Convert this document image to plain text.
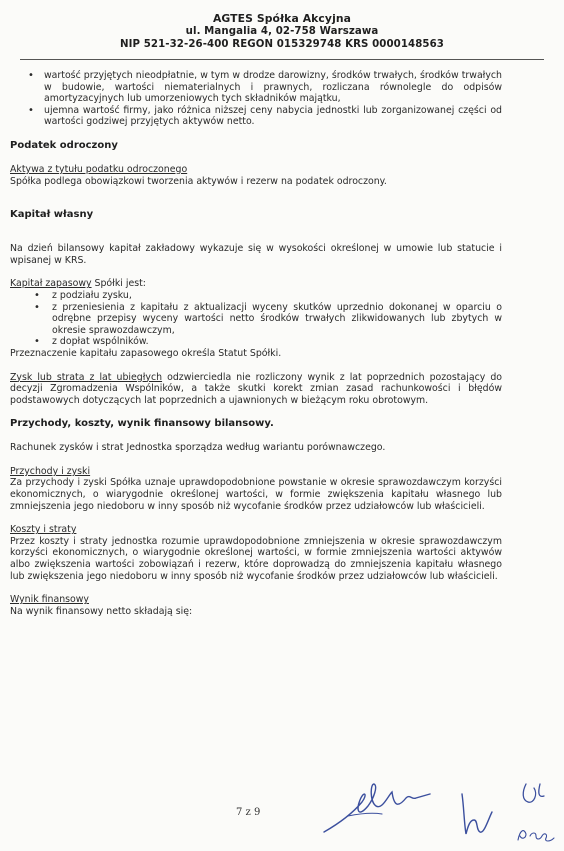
AGTES Spółka Akcyjna
ul. Mangalia 4, 02-758 Warszawa
NIP 521-32-26-400 REGON 015329748 KRS 0000148563
• wartość przyjętych nieodpłatnie, w tym w drodze darowizny, środków trwałych, środków trwałych w budowie, wartości niematerialnych i prawnych, rozliczana równolegle do odpisów amortyzacyjnych lub umorzeniowych tych składników majątku,
• ujemna wartość firmy, jako różnica niższej ceny nabycia jednostki lub zorganizowanej części od wartości godziwej przyjętych aktywów netto.

Podatek odroczony

Aktywa z tytułu podatku odroczonego

Spółka podlega obowiązkowi tworzenia aktywów i rezerw na podatek odroczony.

Kapitał własny

Na dzień bilansowy kapitał zakładowy wykazuje się w wysokości określonej w umowie lub statucie i wpisanej w KRS.

Kapitał zapasowy Spółki jest:

• z podziału zysku,
• z przeniesienia z kapitału z aktualizacji wyceny skutków uprzednio dokonanej w oparciu o odrębne przepisy wyceny wartości netto środków trwałych zlikwidowanych lub zbytych w okresie sprawozdawczym,
• z dopłat wspólników.

Przeznaczenie kapitału zapasowego określa Statut Spółki.

Zysk lub strata z lat ubiegłych odzwierciedla nie rozliczony wynik z lat poprzednich pozostający do decyzji Zgromadzenia Wspólników, a także skutki korekt zmian zasad rachunkowości i błędów podstawowych dotyczących lat poprzednich a ujawnionych w bieżącym roku obrotowym.

Przychody, koszty, wynik finansowy bilansowy.

Rachunek zysków i strat Jednostka sporządza według wariantu porównawczego.

Przychody i zyski

Za przychody i zyski Spółka uznaje uprawdopodobnione powstanie w okresie sprawozdawczym korzyści ekonomicznych, o wiarygodnie określonej wartości, w formie zwiększenia kapitału własnego lub zmniejszenia jego niedoboru w inny sposób niż wycofanie środków przez udziałowców lub właścicieli.

Koszty i straty

Przez koszty i straty jednostka rozumie uprawdopodobnione zmniejszenia w okresie sprawozdawczym korzyści ekonomicznych, o wiarygodnie określonej wartości, w formie zmniejszenia wartości aktywów albo zwiększenia wartości zobowiązań i rezerw, które doprowadzą do zmniejszenia kapitału własnego lub zwiększenia jego niedoboru w inny sposób niż wycofanie środków przez udziałowców lub właścicieli.

Wynik finansowy

Na wynik finansowy netto składają się:

7 z 9
